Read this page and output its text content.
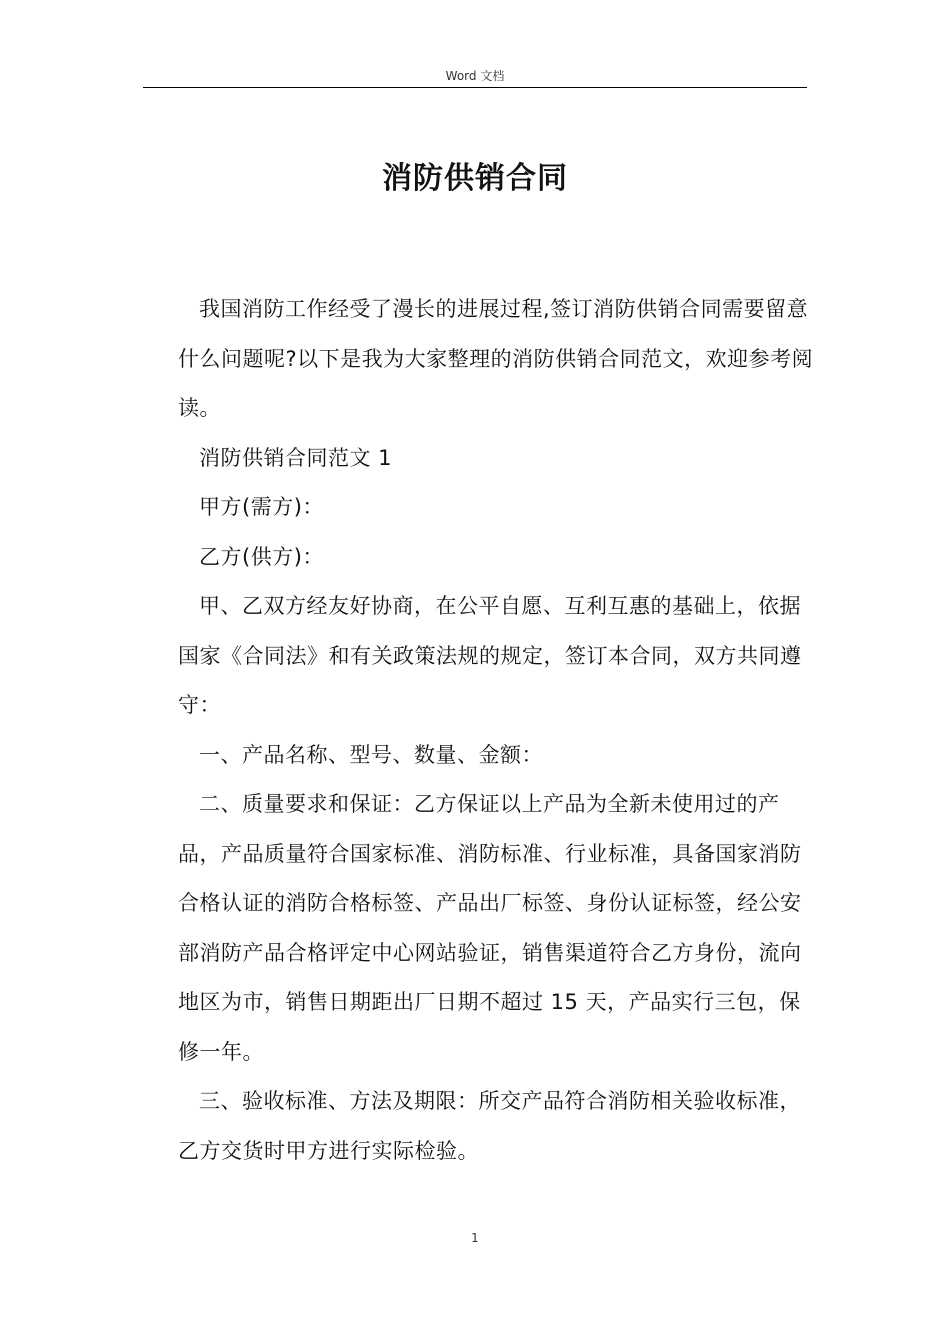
Word 文档
消防供销合同

我国消防工作经受了漫长的进展过程,签订消防供销合同需要留意什么问题呢?以下是我为大家整理的消防供销合同范文，欢迎参考阅读。

消防供销合同范文 1

甲方(需方)：

乙方(供方)：

甲、乙双方经友好协商，在公平自愿、互利互惠的基础上，依据国家《合同法》和有关政策法规的规定，签订本合同，双方共同遵守：

一、产品名称、型号、数量、金额：

二、质量要求和保证：乙方保证以上产品为全新未使用过的产品，产品质量符合国家标准、消防标准、行业标准，具备国家消防合格认证的消防合格标签、产品出厂标签、身份认证标签，经公安部消防产品合格评定中心网站验证，销售渠道符合乙方身份，流向地区为市，销售日期距出厂日期不超过 15 天，产品实行三包，保修一年。

三、验收标准、方法及期限：所交产品符合消防相关验收标准，乙方交货时甲方进行实际检验。

1
